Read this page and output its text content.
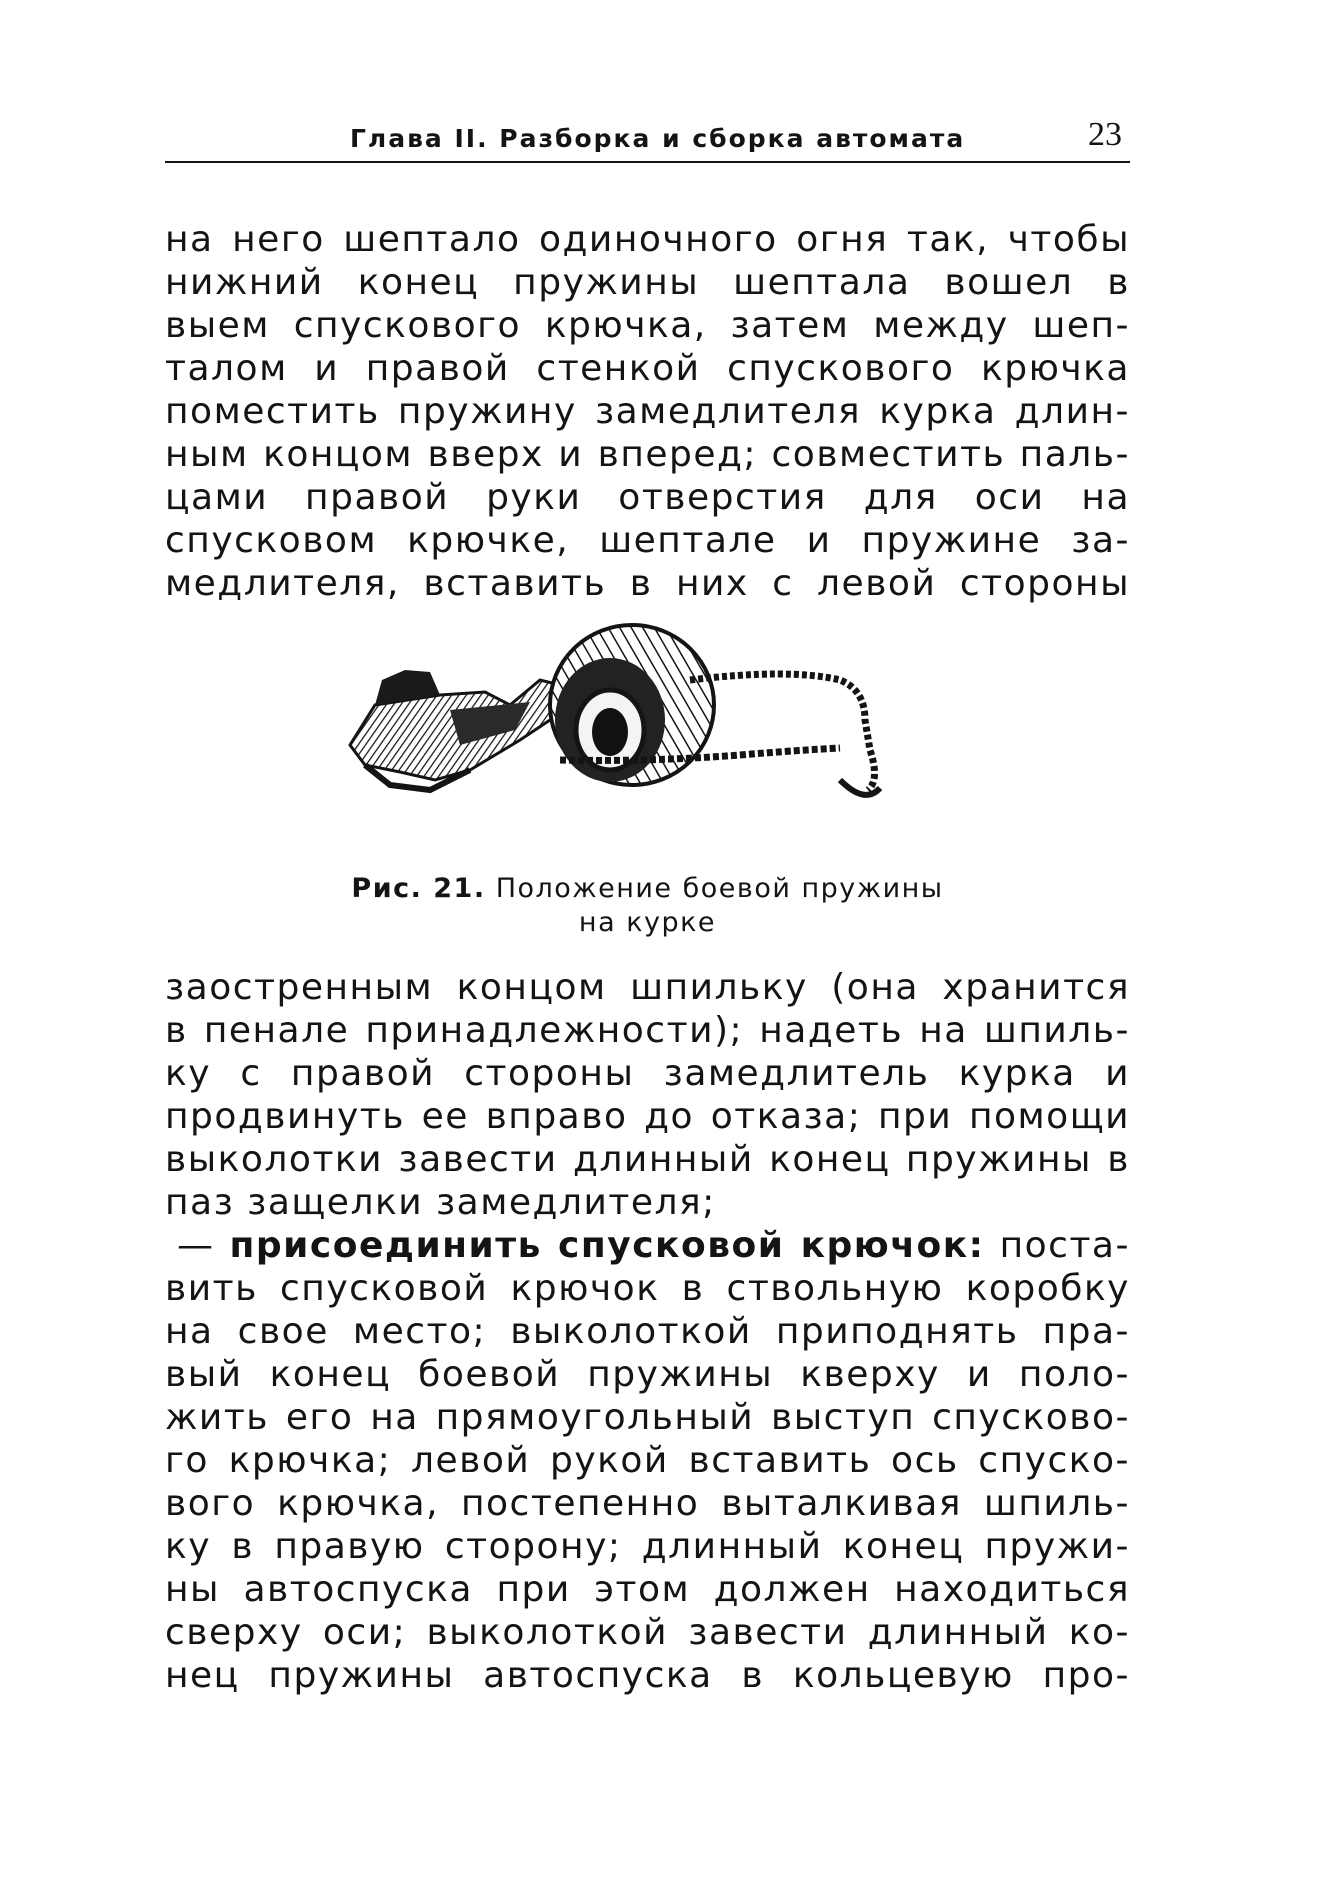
Глава II. Разборка и сборка автомата	23
на него шептало одиночного огня так, чтобы
нижний конец пружины шептала вошел в
выем спускового крючка, затем между шеп-
талом и правой стенкой спускового крючка
поместить пружину замедлителя курка длин-
ным концом вверх и вперед; совместить паль-
цами правой руки отверстия для оси на
спусковом крючке, шептале и пружине за-
медлителя, вставить в них с левой стороны
Рис. 21. Положение боевой пружины
на курке
заостренным концом шпильку (она хранится
в пенале принадлежности); надеть на шпиль-
ку с правой стороны замедлитель курка и
продвинуть ее вправо до отказа; при помощи
выколотки завести длинный конец пружины в
паз защелки замедлителя;
— присоединить спусковой крючок: поста-
вить спусковой крючок в ствольную коробку
на свое место; выколоткой приподнять пра-
вый конец боевой пружины кверху и поло-
жить его на прямоугольный выступ спусково-
го крючка; левой рукой вставить ось спуско-
вого крючка, постепенно выталкивая шпиль-
ку в правую сторону; длинный конец пружи-
ны автоспуска при этом должен находиться
сверху оси; выколоткой завести длинный ко-
нец пружины автоспуска в кольцевую про-
